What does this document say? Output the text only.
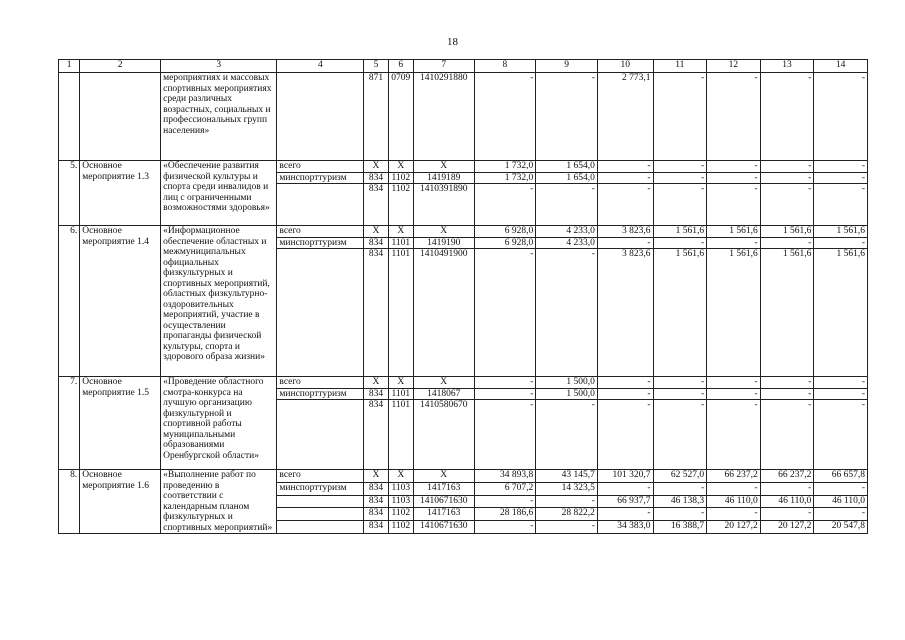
18
1	2	3	4	5	6	7	8	9	10	11	12	13	14
		мероприятиях и массовых спортивных мероприятиях среди различных возрастных, социальных и профессиональных групп населения»		871	0709	1410291880	-	-	2 773,1	-	-	-	-
5.	Основное мероприятие 1.3	«Обеспечение развития физической культуры и спорта среди инвалидов и лиц с ограниченными возможностями здоровья»	всего	X	X	X	1 732,0	1 654,0	-	-	-	-	-
			минспорттуризм	834	1102	1419189	1 732,0	1 654,0	-	-	-	-	-
				834	1102	1410391890	-	-	-	-	-	-	-
6.	Основное мероприятие 1.4	«Информационное обеспечение областных и межмуниципальных официальных физкультурных и спортивных мероприятий, областных физкультурно-оздоровительных мероприятий, участие в осуществлении пропаганды физической культуры, спорта и здорового образа жизни»	всего	X	X	X	6 928,0	4 233,0	3 823,6	1 561,6	1 561,6	1 561,6	1 561,6
			минспорттуризм	834	1101	1419190	6 928,0	4 233,0	-	-	-	-	-
				834	1101	1410491900	-	-	3 823,6	1 561,6	1 561,6	1 561,6	1 561,6
7.	Основное мероприятие 1.5	«Проведение областного смотра-конкурса на лучшую организацию физкультурной и спортивной работы муниципальными образованиями Оренбургской области»	всего	X	X	X	-	1 500,0	-	-	-	-	-
			минспорттуризм	834	1101	1418067	-	1 500,0	-	-	-	-	-
				834	1101	1410580670	-	-	-	-	-	-	-
8.	Основное мероприятие 1.6	«Выполнение работ по проведению в соответствии с календарным планом физкультурных и спортивных мероприятий»	всего	X	X	X	34 893,8	43 145,7	101 320,7	62 527,0	66 237,2	66 237,2	66 657,8
			минспорттуризм	834	1103	1417163	6 707,2	14 323,5	-	-	-	-	-
				834	1103	1410671630	-	-	66 937,7	46 138,3	46 110,0	46 110,0	46 110,0
				834	1102	1417163	28 186,6	28 822,2	-	-	-	-	-
				834	1102	1410671630	-	-	34 383,0	16 388,7	20 127,2	20 127,2	20 547,8
